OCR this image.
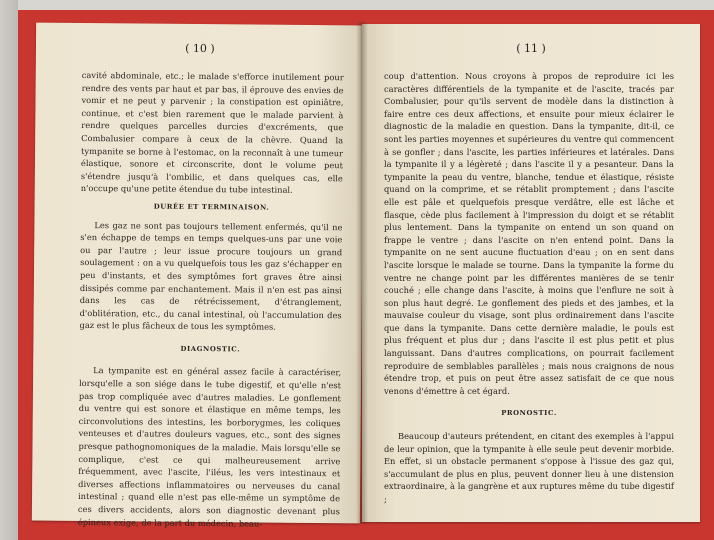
( 10 )

cavité abdominale, etc.; le malade s'efforce inutilement pour rendre des vents par haut et par bas, il éprouve des envies de vomir et ne peut y parvenir ; la constipation est opiniâtre, continue, et c'est bien rarement que le malade parvient à rendre quelques parcelles durcies d'excréments, que Combalusier compare à ceux de la chèvre. Quand la tympanite se borne à l'estomac, on la reconnaît à une tumeur élastique, sonore et circonscrite, dont le volume peut s'étendre jusqu'à l'ombilic, et dans quelques cas, elle n'occupe qu'une petite étendue du tube intestinal.

DURÉE ET TERMINAISON.

Les gaz ne sont pas toujours tellement enfermés, qu'il ne s'en échappe de temps en temps quelques-uns par une voie ou par l'autre ; leur issue procure toujours un grand soulagement : on a vu quelquefois tous les gaz s'échapper en peu d'instants, et des symptômes fort graves être ainsi dissipés comme par enchantement. Mais il n'en est pas ainsi dans les cas de rétrécissement, d'étranglement, d'oblitération, etc., du canal intestinal, où l'accumulation des gaz est le plus fâcheux de tous les symptômes.

DIAGNOSTIC.

La tympanite est en général assez facile à caractériser, lorsqu'elle a son siége dans le tube digestif, et qu'elle n'est pas trop compliquée avec d'autres maladies. Le gonflement du ventre qui est sonore et élastique en même temps, les circonvolutions des intestins, les borborygmes, les coliques venteuses et d'autres douleurs vagues, etc., sont des signes presque pathognomoniques de la maladie. Mais lorsqu'elle se complique, c'est ce qui malheureusement arrive fréquemment, avec l'ascite, l'iléus, les vers intestinaux et diverses affections inflammatoires ou nerveuses du canal intestinal ; quand elle n'est pas elle-même un symptôme de ces divers accidents, alors son diagnostic devenant plus épineux exige, de la part du médecin, beau-

( 11 )

coup d'attention. Nous croyons à propos de reproduire ici les caractères différentiels de la tympanite et de l'ascite, tracés par Combalusier, pour qu'ils servent de modèle dans la distinction à faire entre ces deux affections, et ensuite pour mieux éclairer le diagnostic de la maladie en question. Dans la tympanite, dit-il, ce sont les parties moyennes et supérieures du ventre qui commencent à se gonfler ; dans l'ascite, les parties inférieures et latérales. Dans la tympanite il y a légèreté ; dans l'ascite il y a pesanteur. Dans la tympanite la peau du ventre, blanche, tendue et élastique, résiste quand on la comprime, et se rétablit promptement ; dans l'ascite elle est pâle et quelquefois presque verdâtre, elle est lâche et flasque, cède plus facilement à l'impression du doigt et se rétablit plus lentement. Dans la tympanite on entend un son quand on frappe le ventre ; dans l'ascite on n'en entend point. Dans la tympanite on ne sent aucune fluctuation d'eau ; on en sent dans l'ascite lorsque le malade se tourne. Dans la tympanite la forme du ventre ne change point par les différentes manières de se tenir couché ; elle change dans l'ascite, à moins que l'enflure ne soit à son plus haut degré. Le gonflement des pieds et des jambes, et la mauvaise couleur du visage, sont plus ordinairement dans l'ascite que dans la tympanite. Dans cette dernière maladie, le pouls est plus fréquent et plus dur ; dans l'ascite il est plus petit et plus languissant. Dans d'autres complications, on pourrait facilement reproduire de semblables parallèles ; mais nous craignons de nous étendre trop, et puis on peut être assez satisfait de ce que nous venons d'émettre à cet égard.

PRONOSTIC.

Beaucoup d'auteurs prétendent, en citant des exemples à l'appui de leur opinion, que la tympanite à elle seule peut devenir morbide. En effet, si un obstacle permanent s'oppose à l'issue des gaz qui, s'accumulant de plus en plus, peuvent donner lieu à une distension extraordinaire, à la gangrène et aux ruptures même du tube digestif ;
